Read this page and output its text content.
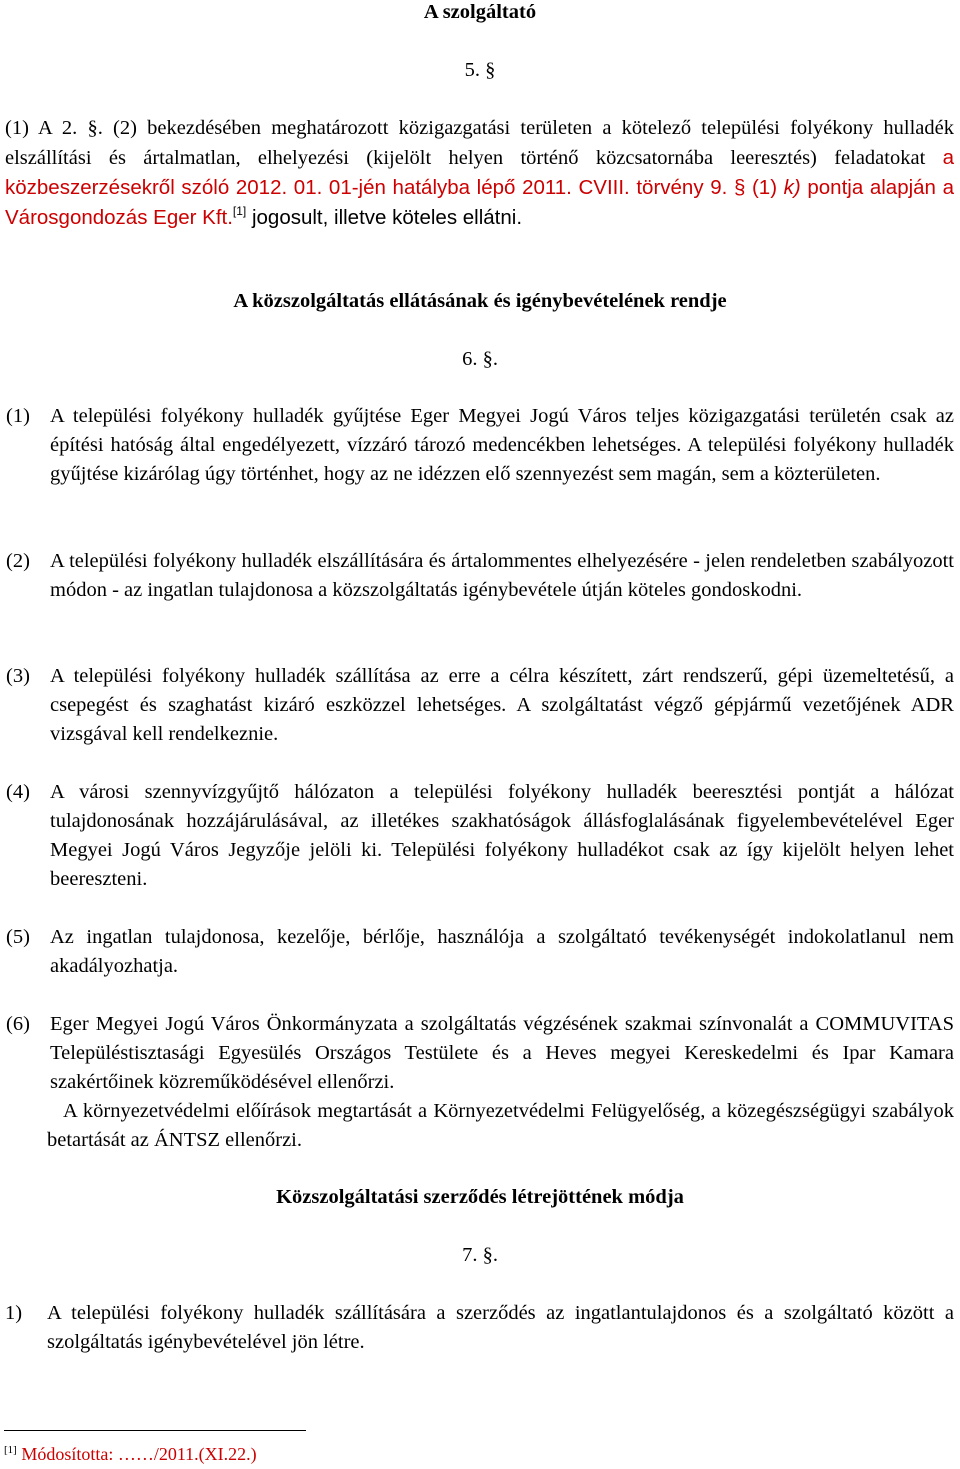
A szolgáltató
5. §

(1) A 2. §. (2) bekezdésében meghatározott közigazgatási területen a kötelező települési folyékony hulladék elszállítási és ártalmatlan, elhelyezési (kijelölt helyen történő közcsatornába leeresztés) feladatokat a közbeszerzésekről szóló 2012. 01. 01-jén hatályba lépő 2011. CVIII. törvény 9. § (1) k) pontja alapján a Városgondozás Eger Kft.[1] jogosult, illetve köteles ellátni.

A közszolgáltatás ellátásának és igénybevételének rendje
6. §.

(1) A települési folyékony hulladék gyűjtése Eger Megyei Jogú Város teljes közigazgatási területén csak az építési hatóság által engedélyezett, vízzáró tározó medencékben lehetséges. A települési folyékony hulladék gyűjtése kizárólag úgy történhet, hogy az ne idézzen elő szennyezést sem magán, sem a közterületen.

(2) A települési folyékony hulladék elszállítására és ártalommentes elhelyezésére - jelen rendeletben szabályozott módon - az ingatlan tulajdonosa a közszolgáltatás igénybevétele útján köteles gondoskodni.

(3) A települési folyékony hulladék szállítása az erre a célra készített, zárt rendszerű, gépi üzemeltetésű, a csepegést és szaghatást kizáró eszközzel lehetséges. A szolgáltatást végző gépjármű vezetőjének ADR vizsgával kell rendelkeznie.

(4) A városi szennyvízgyűjtő hálózaton a települési folyékony hulladék beeresztési pontját a hálózat tulajdonosának hozzájárulásával, az illetékes szakhatóságok állásfoglalásának figyelembevételével Eger Megyei Jogú Város Jegyzője jelöli ki. Települési folyékony hulladékot csak az így kijelölt helyen lehet beereszteni.

(5) Az ingatlan tulajdonosa, kezelője, bérlője, használója a szolgáltató tevékenységét indokolatlanul nem akadályozhatja.

(6) Eger Megyei Jogú Város Önkormányzata a szolgáltatás végzésének szakmai színvonalát a COMMUVITAS Településtisztasági Egyesülés Országos Testülete és a Heves megyei Kereskedelmi és Ipar Kamara szakértőinek közreműködésével ellenőrzi.

A környezetvédelmi előírások megtartását a Környezetvédelmi Felügyelőség, a közegészségügyi szabályok betartását az ÁNTSZ ellenőrzi.

Közszolgáltatási szerződés létrejöttének módja
7. §.

1)	A települési folyékony hulladék szállítására a szerződés az ingatlantulajdonos és a szolgáltató között a szolgáltatás igénybevételével jön létre.

[1] Módosította: ……/2011.(XI.22.)
